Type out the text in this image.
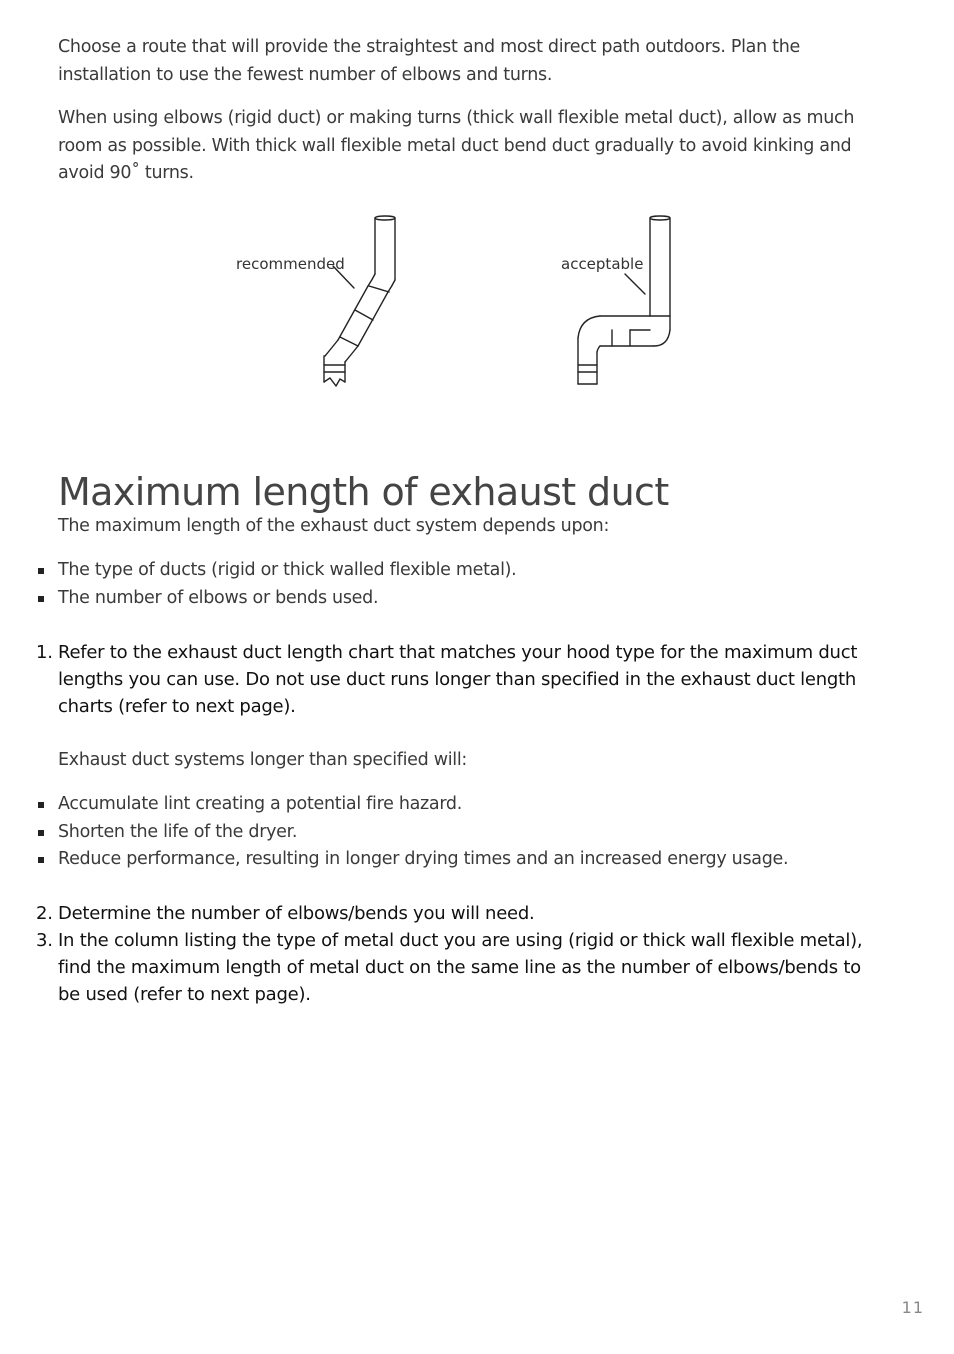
Choose a route that will provide the straightest and most direct path outdoors. Plan the installation to use the fewest number of elbows and turns.

When using elbows (rigid duct) or making turns (thick wall flexible metal duct), allow as much room as possible. With thick wall flexible metal duct bend duct gradually to avoid kinking and avoid 90˚ turns.

recommended	acceptable
Maximum length of exhaust duct

The maximum length of the exhaust duct system depends upon:

The type of ducts (rigid or thick walled flexible metal).
The number of elbows or bends used.
1. Refer to the exhaust duct length chart that matches your hood type for the maximum duct lengths you can use. Do not use duct runs longer than specified in the exhaust duct length charts (refer to next page).

Exhaust duct systems longer than specified will:

Accumulate lint creating a potential fire hazard.
Shorten the life of the dryer.
Reduce performance, resulting in longer drying times and an increased energy usage.
2. Determine the number of elbows/bends you will need.
3. In the column listing the type of metal duct you are using (rigid or thick wall flexible metal), find the maximum length of metal duct on the same line as the number of elbows/bends to be used (refer to next page).
11
